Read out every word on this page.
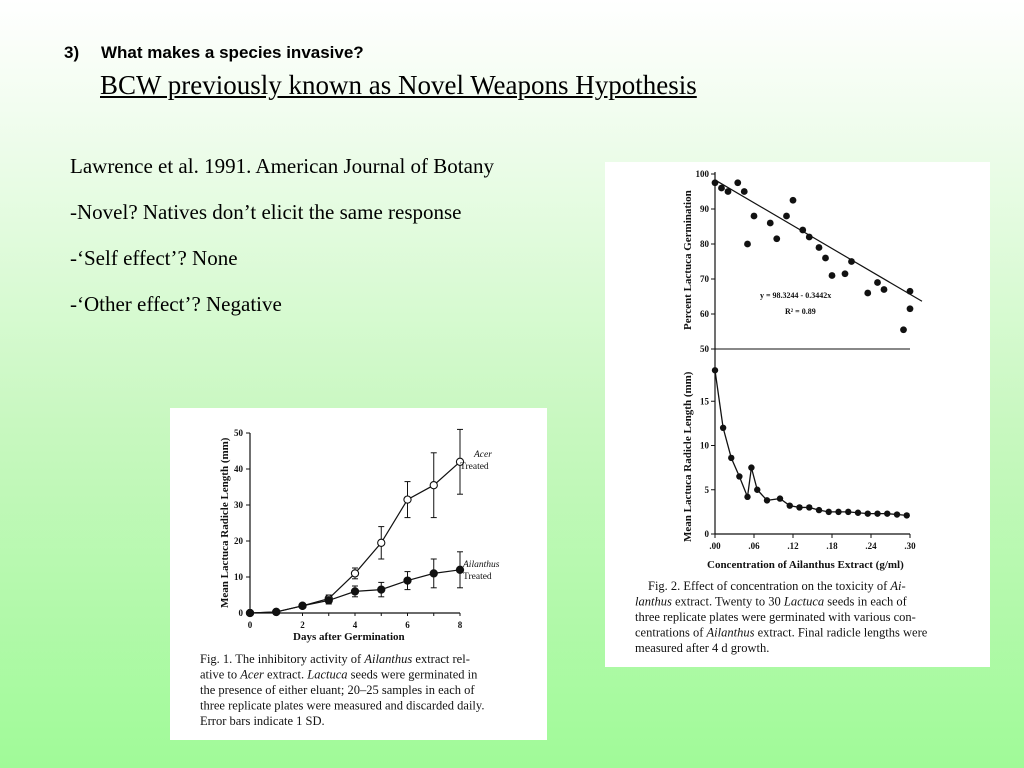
3) What makes a species invasive?
BCW previously known as Novel Weapons Hypothesis

Lawrence et al. 1991. American Journal of Botany

-Novel? Natives don’t elicit the same response

-‘Self effect’? None

-‘Other effect’? Negative

0
10
20
30
40
50
0	2	4	6	8
Days after Germination
Mean Lactuca Radicle Length (mm)	Acer
Treated
Ailanthus
Treated
Fig. 1. The inhibitory activity of Ailanthus extract rel-
ative to Acer extract. Lactuca seeds were germinated in
the presence of either eluant; 20–25 samples in each of
three replicate plates were measured and discarded daily.
Error bars indicate 1 SD.
50
60
70
80
90
100
0
5
10
15
.00	.06	.12	.18	.24	.30
Percent Lactuca Germination
Mean Lactuca Radicle Length (mm)
Concentration of Ailanthus Extract (g/ml)
y = 98.3244 - 0.3442x
R² = 0.89
Fig. 2. Effect of concentration on the toxicity of Ai-
lanthus extract. Twenty to 30 Lactuca seeds in each of
three replicate plates were germinated with various con-
centrations of Ailanthus extract. Final radicle lengths were
measured after 4 d growth.
